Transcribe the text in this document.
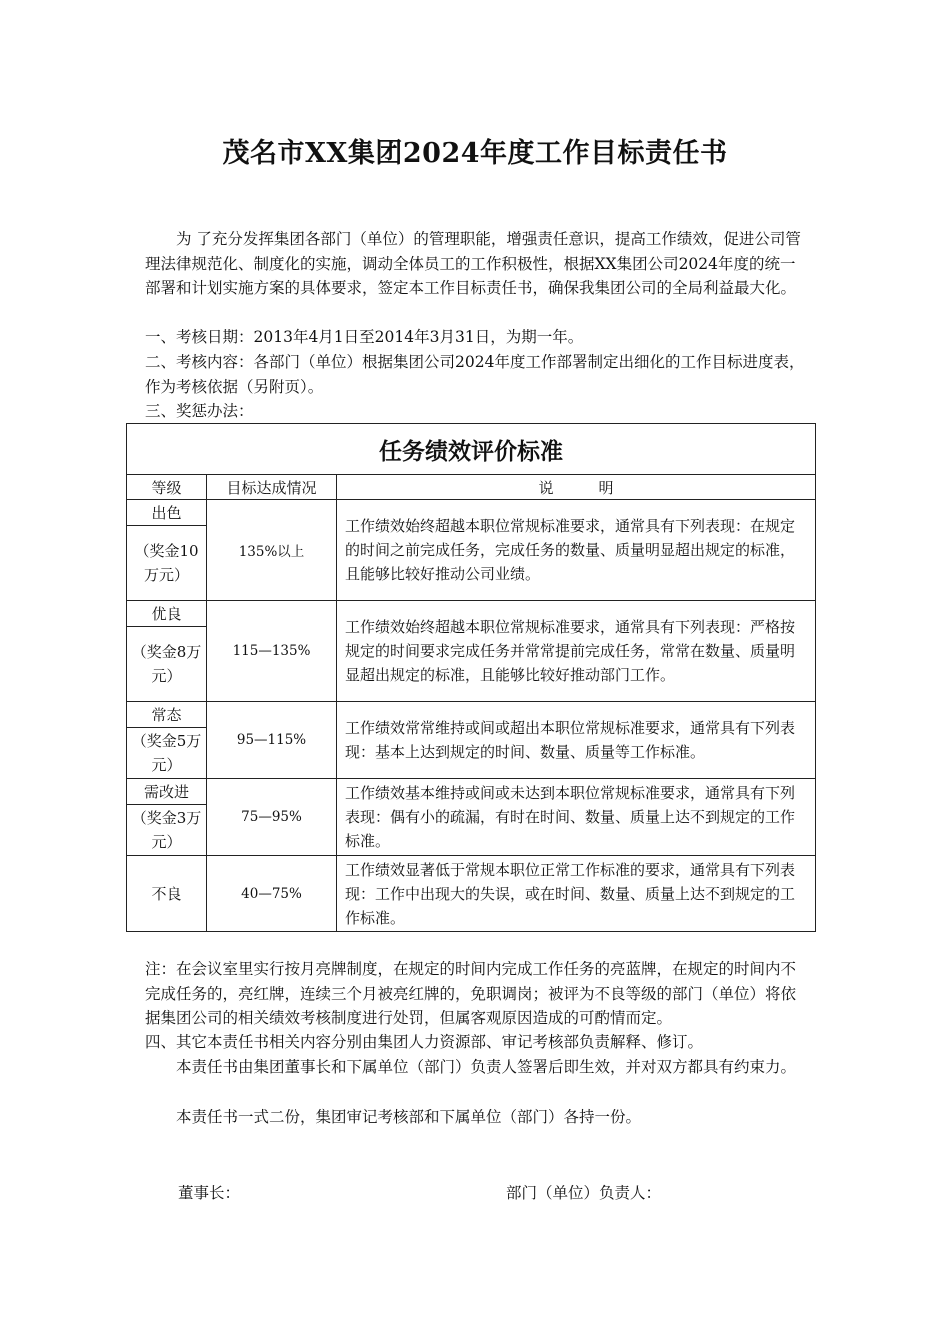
茂名市XX集团2024年度工作目标责任书
为 了充分发挥集团各部门（单位）的管理职能，增强责任意识，提高工作绩效，促进公司管理法律规范化、制度化的实施，调动全体员工的工作积极性，根据XX集团公司2024年度的统一部署和计划实施方案的具体要求，签定本工作目标责任书，确保我集团公司的全局利益最大化。
一、考核日期：2013年4月1日至2014年3月31日，为期一年。
二、考核内容：各部门（单位）根据集团公司2024年度工作部署制定出细化的工作目标进度表，作为考核依据（另附页）。
三、奖惩办法：
任务绩效评价标准		
等级	目标达成情况	说　　　明
出色	135%以上	工作绩效始终超越本职位常规标准要求，通常具有下列表现：在规定的时间之前完成任务，完成任务的数量、质量明显超出规定的标准，且能够比较好推动公司业绩。
（奖金10万元）		
优良	115—135%	工作绩效始终超越本职位常规标准要求，通常具有下列表现：严格按规定的时间要求完成任务并常常提前完成任务，常常在数量、质量明显超出规定的标准，且能够比较好推动部门工作。
（奖金8万元）		
常态	95—115%	工作绩效常常维持或间或超出本职位常规标准要求，通常具有下列表现：基本上达到规定的时间、数量、质量等工作标准。
（奖金5万元）		
需改进	75—95%	工作绩效基本维持或间或未达到本职位常规标准要求，通常具有下列表现：偶有小的疏漏，有时在时间、数量、质量上达不到规定的工作标准。
（奖金3万元）		
不良	40—75%	工作绩效显著低于常规本职位正常工作标准的要求，通常具有下列表现：工作中出现大的失误，或在时间、数量、质量上达不到规定的工作标准。
注：在会议室里实行按月亮牌制度，在规定的时间内完成工作任务的亮蓝牌，在规定的时间内不完成任务的，亮红牌，连续三个月被亮红牌的，免职调岗；被评为不良等级的部门（单位）将依据集团公司的相关绩效考核制度进行处罚，但属客观原因造成的可酌情而定。
四、其它本责任书相关内容分别由集团人力资源部、审记考核部负责解释、修订。
本责任书由集团董事长和下属单位（部门）负责人签署后即生效，并对双方都具有约束力。
本责任书一式二份，集团审记考核部和下属单位（部门）各持一份。
董事长：	部门（单位）负责人：
